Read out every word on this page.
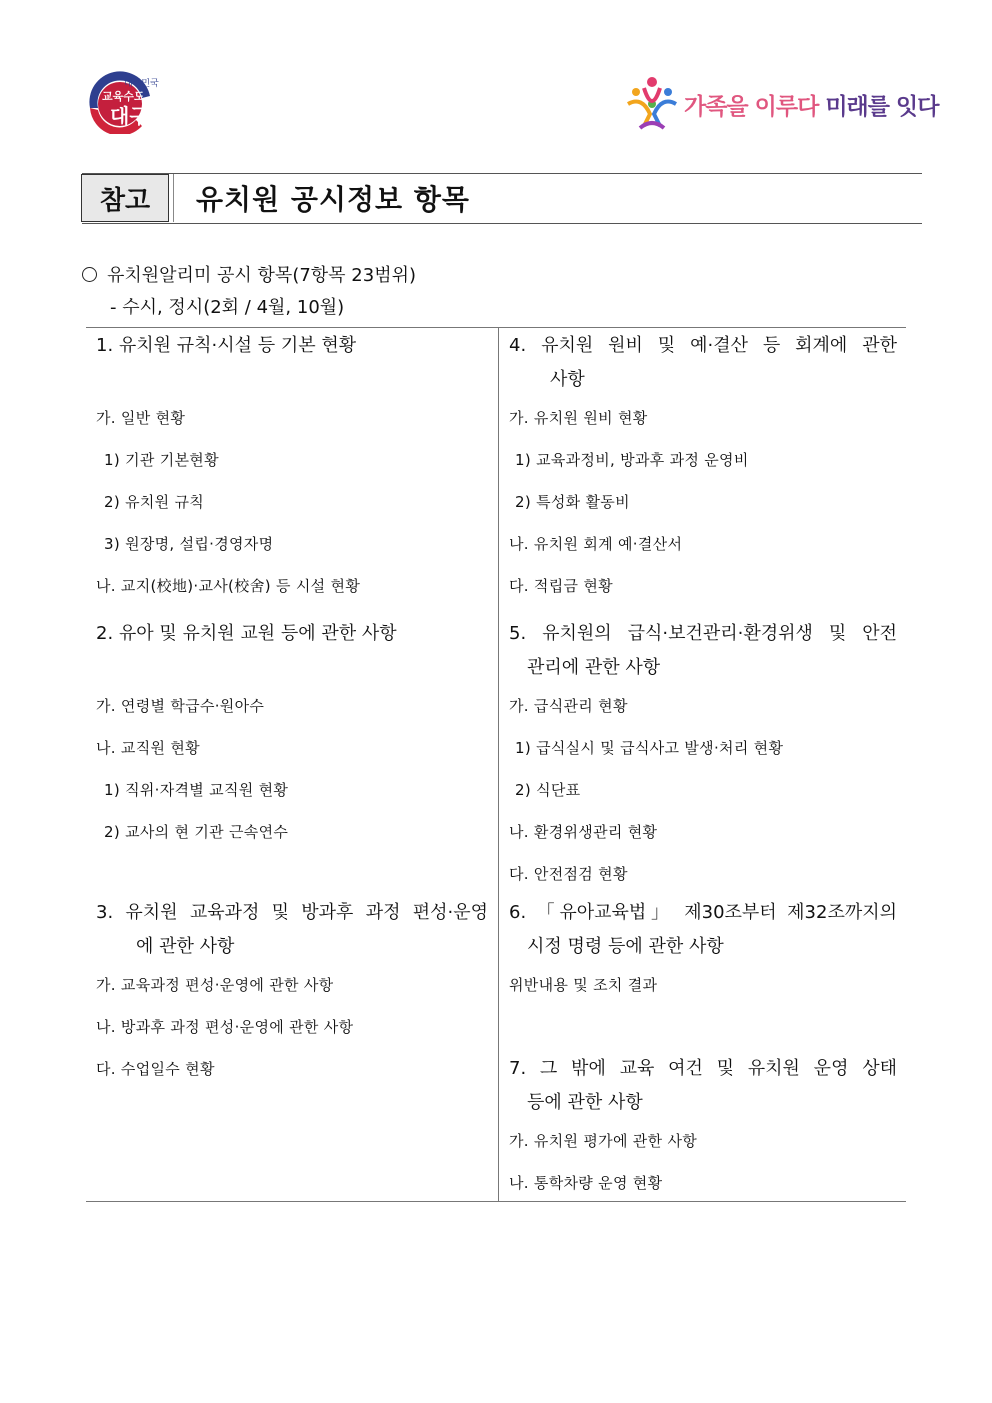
대한민국
교육수도
대구	가족을 이루다 미래를 잇다
참고	유치원 공시정보 항목
유치원알리미 공시 항목(7항목 23범위)
- 수시, 정시(2회 / 4월, 10월)
1. 유치원 규칙·시설 등 기본 현황
가. 일반 현황
1) 기관 기본현황
2) 유치원 규칙
3) 원장명, 설립·경영자명
나. 교지(校地)·교사(校舍) 등 시설 현황
2. 유아 및 유치원 교원 등에 관한 사항
가. 연령별 학급수·원아수
나. 교직원 현황
1) 직위·자격별 교직원 현황
2) 교사의 현 기관 근속연수
3. 유치원 교육과정 및 방과후 과정 편성·운영
에 관한 사항
가. 교육과정 편성·운영에 관한 사항
나. 방과후 과정 편성·운영에 관한 사항
다. 수업일수 현황
4. 유치원 원비 및 예·결산 등 회계에 관한
사항
가. 유치원 원비 현황
1) 교육과정비, 방과후 과정 운영비
2) 특성화 활동비
나. 유치원 회계 예·결산서
다. 적립금 현황
5. 유치원의 급식·보건관리·환경위생 및 안전
관리에 관한 사항
가. 급식관리 현황
1) 급식실시 및 급식사고 발생·처리 현황
2) 식단표
나. 환경위생관리 현황
다. 안전점검 현황
6. 「유아교육법」 제30조부터 제32조까지의
시정 명령 등에 관한 사항
위반내용 및 조치 결과
7. 그 밖에 교육 여건 및 유치원 운영 상태
등에 관한 사항
가. 유치원 평가에 관한 사항
나. 통학차량 운영 현황
